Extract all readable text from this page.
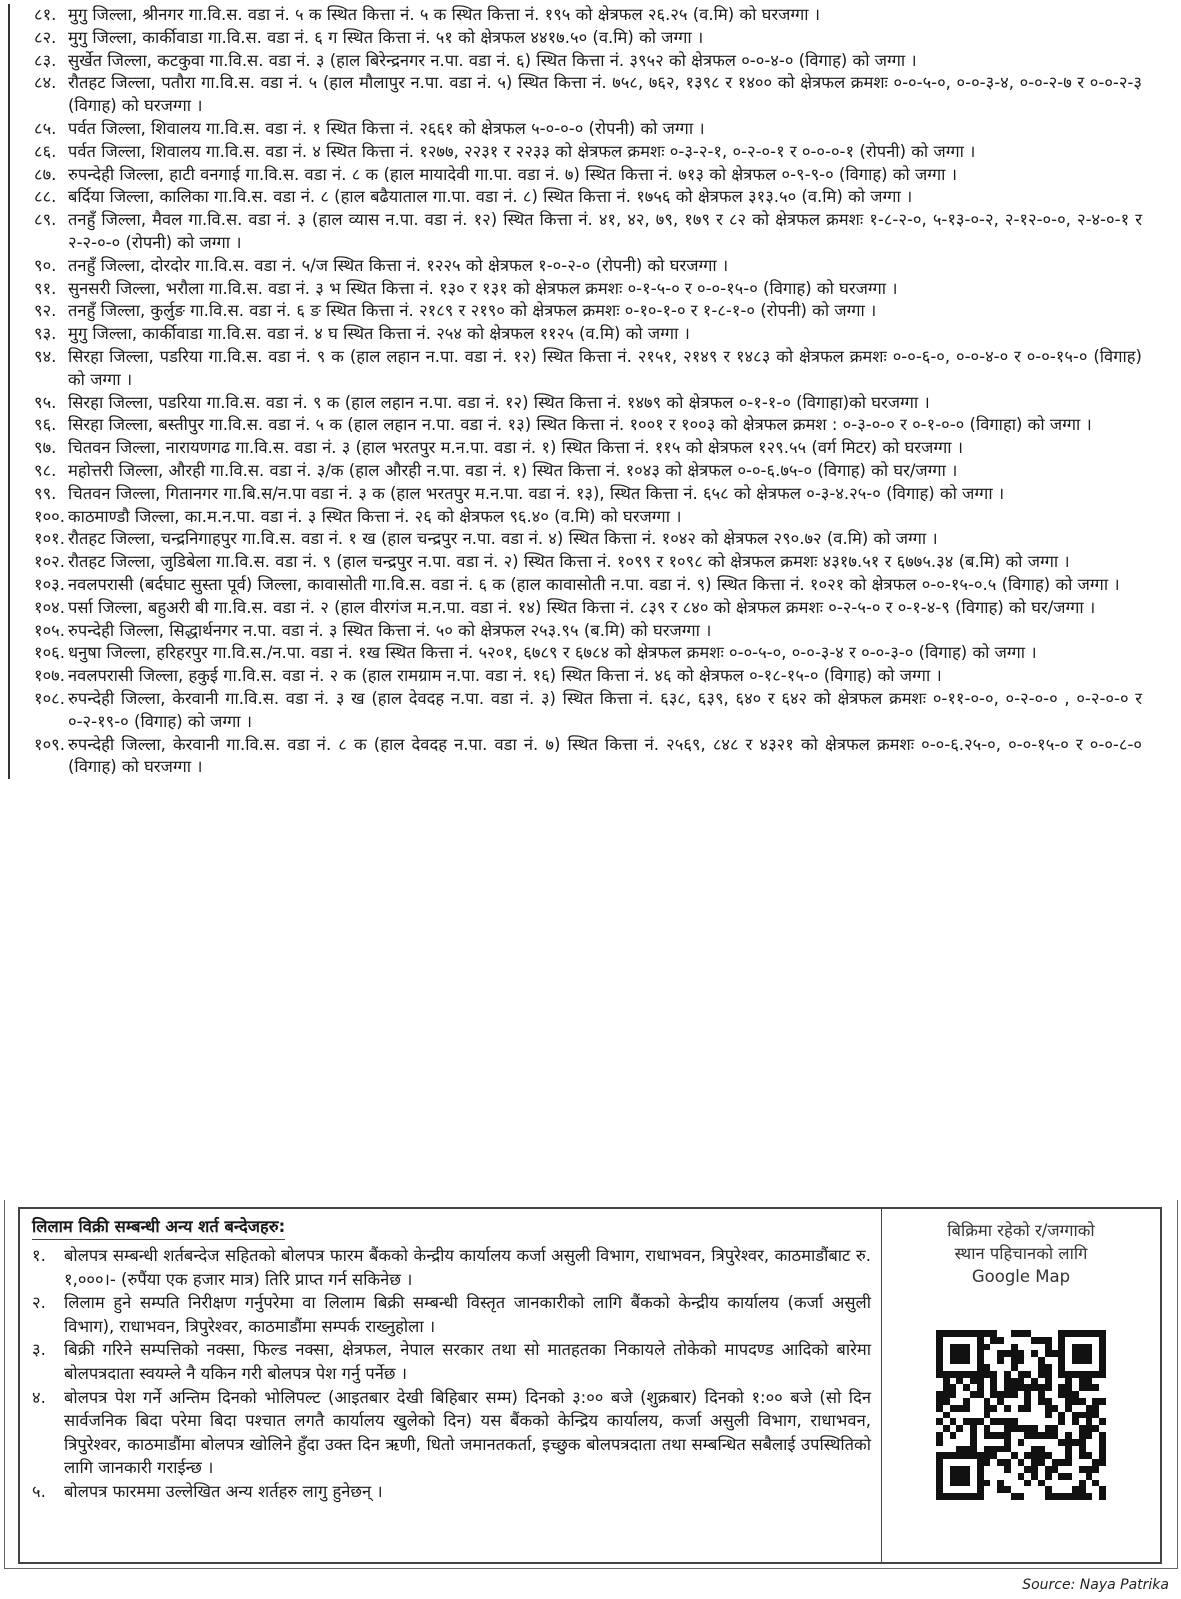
८१. मुगु जिल्ला, श्रीनगर गा.वि.स. वडा नं. ५ क स्थित कित्ता नं. ५ क स्थित कित्ता नं. १९५ को क्षेत्रफल २६.२५ (व.मि) को घरजग्गा ।
८२. मुगु जिल्ला, कार्कीवाडा गा.वि.स. वडा नं. ६ ग स्थित कित्ता नं. ५१ को क्षेत्रफल ४४१७.५० (व.मि) को जग्गा ।
८३. सुर्खेत जिल्ला, कटकुवा गा.वि.स. वडा नं. ३ (हाल बिरेन्द्रनगर न.पा. वडा नं. ६) स्थित कित्ता नं. ३९५२ को क्षेत्रफल ०-०-४-० (विगाह) को जग्गा ।
८४. रौतहट जिल्ला, पतौरा गा.वि.स. वडा नं. ५ (हाल मौलापुर न.पा. वडा नं. ५) स्थित कित्ता नं. ७५८, ७६२, १३९८ र १४०० को क्षेत्रफल क्रमशः ०-०-५-०, ०-०-३-४, ०-०-२-७ र ०-०-२-३ (विगाह) को घरजग्गा ।
८५. पर्वत जिल्ला, शिवालय गा.वि.स. वडा नं. १ स्थित कित्ता नं. २६६१ को क्षेत्रफल ५-०-०-० (रोपनी) को जग्गा ।
८६. पर्वत जिल्ला, शिवालय गा.वि.स. वडा नं. ४ स्थित कित्ता नं. १२७७, २२३१ र २२३३ को क्षेत्रफल क्रमशः ०-३-२-१, ०-२-०-१ र ०-०-०-१ (रोपनी) को जग्गा ।
८७. रुपन्देही जिल्ला, हाटी वनगाई गा.वि.स. वडा नं. ८ क (हाल मायादेवी गा.पा. वडा नं. ७) स्थित कित्ता नं. ७१३ को क्षेत्रफल ०-९-९-० (विगाह) को जग्गा ।
८८. बर्दिया जिल्ला, कालिका गा.वि.स. वडा नं. ८ (हाल बढैयाताल गा.पा. वडा नं. ८) स्थित कित्ता नं. १७५६ को क्षेत्रफल ३१३.५० (व.मि) को जग्गा ।
८९. तनहुँ जिल्ला, मैवल गा.वि.स. वडा नं. ३ (हाल व्यास न.पा. वडा नं. १२) स्थित कित्ता नं. ४१, ४२, ७९, १७९ र ८२ को क्षेत्रफल क्रमशः १-८-२-०, ५-१३-०-२, २-१२-०-०, २-४-०-१ र २-२-०-० (रोपनी) को जग्गा ।
९०. तनहुँ जिल्ला, दोरदोर गा.वि.स. वडा नं. ५/ज स्थित कित्ता नं. १२२५ को क्षेत्रफल १-०-२-० (रोपनी) को घरजग्गा ।
९१. सुनसरी जिल्ला, भरौला गा.वि.स. वडा नं. ३ भ स्थित कित्ता नं. १३० र १३१ को क्षेत्रफल क्रमशः ०-१-५-० र ०-०-१५-० (विगाह) को घरजग्गा ।
९२. तनहुँ जिल्ला, कुर्लुङ गा.वि.स. वडा नं. ६ ङ स्थित कित्ता नं. २१८९ र २१९० को क्षेत्रफल क्रमशः ०-१०-१-० र १-८-१-० (रोपनी) को जग्गा ।
९३. मुगु जिल्ला, कार्कीवाडा गा.वि.स. वडा नं. ४ घ स्थित कित्ता नं. २५४ को क्षेत्रफल ११२५ (व.मि) को जग्गा ।
९४. सिरहा जिल्ला, पडरिया गा.वि.स. वडा नं. ९ क (हाल लहान न.पा. वडा नं. १२) स्थित कित्ता नं. २१५१, २१४९ र १४८३ को क्षेत्रफल क्रमशः ०-०-६-०, ०-०-४-० र ०-०-१५-० (विगाह) को जग्गा ।
९५. सिरहा जिल्ला, पडरिया गा.वि.स. वडा नं. ९ क (हाल लहान न.पा. वडा नं. १२) स्थित कित्ता नं. १४७९ को क्षेत्रफल ०-१-१-० (विगाहा)को घरजग्गा ।
९६. सिरहा जिल्ला, बस्तीपुर गा.वि.स. वडा नं. ५ क (हाल लहान न.पा. वडा नं. १३) स्थित कित्ता नं. १००१ र १००३ को क्षेत्रफल क्रमश : ०-३-०-० र ०-१-०-० (विगाहा) को जग्गा ।
९७. चितवन जिल्ला, नारायणगढ गा.वि.स. वडा नं. ३ (हाल भरतपुर म.न.पा. वडा नं. १) स्थित कित्ता नं. ११५ को क्षेत्रफल १२९.५५ (वर्ग मिटर) को घरजग्गा ।
९८. महोत्तरी जिल्ला, औरही गा.वि.स. वडा नं. ३/क (हाल औरही न.पा. वडा नं. १) स्थित कित्ता नं. १०४३ को क्षेत्रफल ०-०-६.७५-० (विगाह) को घर/जग्गा ।
९९. चितवन जिल्ला, गितानगर गा.बि.स/न.पा वडा नं. ३ क (हाल भरतपुर म.न.पा. वडा नं. १३), स्थित कित्ता नं. ६५८ को क्षेत्रफल ०-३-४.२५-० (विगाह) को जग्गा ।
१००. काठमाण्डौ जिल्ला, का.म.न.पा. वडा नं. ३ स्थित कित्ता नं. २६ को क्षेत्रफल ९६.४० (व.मि) को घरजग्गा ।
१०१. रौतहट जिल्ला, चन्द्रनिगाहपुर गा.वि.स. वडा नं. १ ख (हाल चन्द्रपुर न.पा. वडा नं. ४) स्थित कित्ता नं. १०४२ को क्षेत्रफल २९०.७२ (व.मि) को जग्गा ।
१०२. रौतहट जिल्ला, जुडिबेला गा.वि.स. वडा नं. ९ (हाल चन्द्रपुर न.पा. वडा नं. २) स्थित कित्ता नं. १०९९ र १०९८ को क्षेत्रफल क्रमशः ४३१७.५१ र ६७७५.३४ (ब.मि) को जग्गा ।
१०३. नवलपरासी (बर्दघाट सुस्ता पूर्व) जिल्ला, कावासोती गा.वि.स. वडा नं. ६ क (हाल कावासोती न.पा. वडा नं. ९) स्थित कित्ता नं. १०२१ को क्षेत्रफल ०-०-१५-०.५ (विगाह) को जग्गा ।
१०४. पर्सा जिल्ला, बहुअरी बी गा.वि.स. वडा नं. २ (हाल वीरगंज म.न.पा. वडा नं. १४) स्थित कित्ता नं. ८३९ र ८४० को क्षेत्रफल क्रमशः ०-२-५-० र ०-१-४-९ (विगाह) को घर/जग्गा ।
१०५. रुपन्देही जिल्ला, सिद्धार्थनगर न.पा. वडा नं. ३ स्थित कित्ता नं. ५० को क्षेत्रफल २५३.९५ (ब.मि) को घरजग्गा ।
१०६. धनुषा जिल्ला, हरिहरपुर गा.वि.स./न.पा. वडा नं. १ख स्थित कित्ता नं. ५२०१, ६७८९ र ६७८४ को क्षेत्रफल क्रमशः ०-०-५-०, ०-०-३-४ र ०-०-३-० (विगाह) को जग्गा ।
१०७. नवलपरासी जिल्ला, हकुई गा.वि.स. वडा नं. २ क (हाल रामग्राम न.पा. वडा नं. १६) स्थित कित्ता नं. ४६ को क्षेत्रफल ०-१८-१५-० (विगाह) को जग्गा ।
१०८. रुपन्देही जिल्ला, केरवानी गा.वि.स. वडा नं. ३ ख (हाल देवदह न.पा. वडा नं. ३) स्थित कित्ता नं. ६३८, ६३९, ६४० र ६४२ को क्षेत्रफल क्रमशः ०-११-०-०, ०-२-०-० , ०-२-०-० र ०-२-१९-० (विगाह) को जग्गा ।
१०९. रुपन्देही जिल्ला, केरवानी गा.वि.स. वडा नं. ८ क (हाल देवदह न.पा. वडा नं. ७) स्थित कित्ता नं. २५६९, ८४८ र ४३२१ को क्षेत्रफल क्रमशः ०-०-६.२५-०, ०-०-१५-० र ०-०-८-० (विगाह) को घरजग्गा ।
लिलाम विक्री सम्बन्धी अन्य शर्त बन्देजहरु:
१.	बोलपत्र सम्बन्धी शर्तबन्देज सहितको बोलपत्र फारम बैंकको केन्द्रीय कार्यालय कर्जा असुली विभाग, राधाभवन, त्रिपुरेश्वर, काठमाडौंबाट रु. १,०००।- (रुपैंया एक हजार मात्र) तिरि प्राप्त गर्न सकिनेछ ।
२.	लिलाम हुने सम्पति निरीक्षण गर्नुपरेमा वा लिलाम बिक्री सम्बन्धी विस्तृत जानकारीको लागि बैंकको केन्द्रीय कार्यालय (कर्जा असुली विभाग), राधाभवन, त्रिपुरेश्वर, काठमाडौंमा सम्पर्क राख्नुहोला ।
३.	बिक्री गरिने सम्पत्तिको नक्सा, फिल्ड नक्सा, क्षेत्रफल, नेपाल सरकार तथा सो मातहतका निकायले तोकेको मापदण्ड आदिको बारेमा बोलपत्रदाता स्वयम्ले नै यकिन गरी बोलपत्र पेश गर्नु पर्नेछ ।
४.	बोलपत्र पेश गर्ने अन्तिम दिनको भोलिपल्ट (आइतबार देखी बिहिबार सम्म) दिनको ३:०० बजे (शुक्रबार) दिनको १:०० बजे (सो दिन सार्वजनिक बिदा परेमा बिदा पश्चात लगतै कार्यालय खुलेको दिन) यस बैंकको केन्द्रिय कार्यालय, कर्जा असुली विभाग, राधाभवन, त्रिपुरेश्वर, काठमाडौंमा बोलपत्र खोलिने हुँदा उक्त दिन ऋणी, धितो जमानतकर्ता, इच्छुक बोलपत्रदाता तथा सम्बन्धित सबैलाई उपस्थितिको लागि जानकारी गराईन्छ ।
५.	बोलपत्र फारममा उल्लेखित अन्य शर्तहरु लागु हुनेछन् ।
बिक्रिमा रहेको र/जग्गाको
स्थान पहिचानको लागि
Google Map
Source: Naya Patrika
